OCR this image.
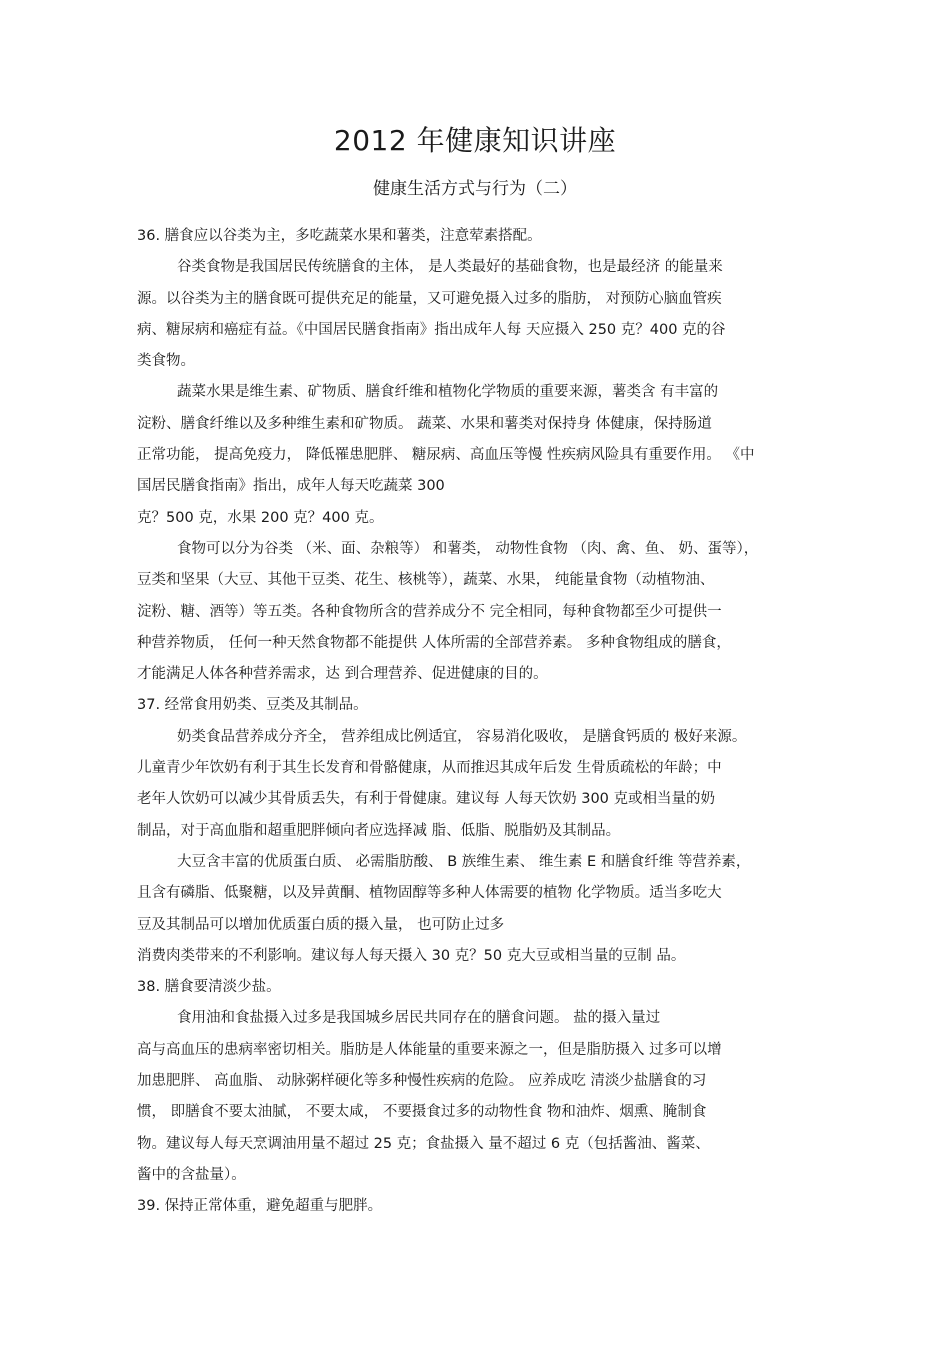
2012 年健康知识讲座
健康生活方式与行为（二）
36. 膳食应以谷类为主，多吃蔬菜水果和薯类，注意荤素搭配。
谷类食物是我国居民传统膳食的主体， 是人类最好的基础食物，也是最经济 的能量来
源。以谷类为主的膳食既可提供充足的能量，又可避免摄入过多的脂肪， 对预防心脑血管疾
病、糖尿病和癌症有益。《中国居民膳食指南》指出成年人每 天应摄入 250 克？400 克的谷
类食物。
蔬菜水果是维生素、矿物质、膳食纤维和植物化学物质的重要来源，薯类含 有丰富的
淀粉、膳食纤维以及多种维生素和矿物质。 蔬菜、水果和薯类对保持身 体健康，保持肠道
正常功能， 提高免疫力， 降低罹患肥胖、 糖尿病、高血压等慢 性疾病风险具有重要作用。 《中
国居民膳食指南》指出，成年人每天吃蔬菜 300
克？500 克，水果 200 克？400 克。
食物可以分为谷类 （米、面、杂粮等） 和薯类， 动物性食物 （肉、禽、鱼、 奶、蛋等），
豆类和坚果（大豆、其他干豆类、花生、核桃等），蔬菜、水果， 纯能量食物（动植物油、
淀粉、糖、酒等）等五类。各种食物所含的营养成分不 完全相同，每种食物都至少可提供一
种营养物质， 任何一种天然食物都不能提供 人体所需的全部营养素。 多种食物组成的膳食，
才能满足人体各种营养需求，达 到合理营养、促进健康的目的。
37. 经常食用奶类、豆类及其制品。
奶类食品营养成分齐全， 营养组成比例适宜， 容易消化吸收， 是膳食钙质的 极好来源。
儿童青少年饮奶有利于其生长发育和骨骼健康，从而推迟其成年后发 生骨质疏松的年龄；中
老年人饮奶可以减少其骨质丢失，有利于骨健康。建议每 人每天饮奶 300 克或相当量的奶
制品，对于高血脂和超重肥胖倾向者应选择减 脂、低脂、脱脂奶及其制品。
大豆含丰富的优质蛋白质、 必需脂肪酸、 B 族维生素、 维生素 E 和膳食纤维 等营养素，
且含有磷脂、低聚糖，以及异黄酮、植物固醇等多种人体需要的植物 化学物质。适当多吃大
豆及其制品可以增加优质蛋白质的摄入量， 也可防止过多
消费肉类带来的不利影响。建议每人每天摄入 30 克？50 克大豆或相当量的豆制 品。
38. 膳食要清淡少盐。
食用油和食盐摄入过多是我国城乡居民共同存在的膳食问题。 盐的摄入量过
高与高血压的患病率密切相关。脂肪是人体能量的重要来源之一，但是脂肪摄入 过多可以增
加患肥胖、 高血脂、 动脉粥样硬化等多种慢性疾病的危险。 应养成吃 清淡少盐膳食的习
惯， 即膳食不要太油腻， 不要太咸， 不要摄食过多的动物性食 物和油炸、烟熏、腌制食
物。建议每人每天烹调油用量不超过 25 克；食盐摄入 量不超过 6 克（包括酱油、酱菜、
酱中的含盐量）。
39. 保持正常体重，避免超重与肥胖。
